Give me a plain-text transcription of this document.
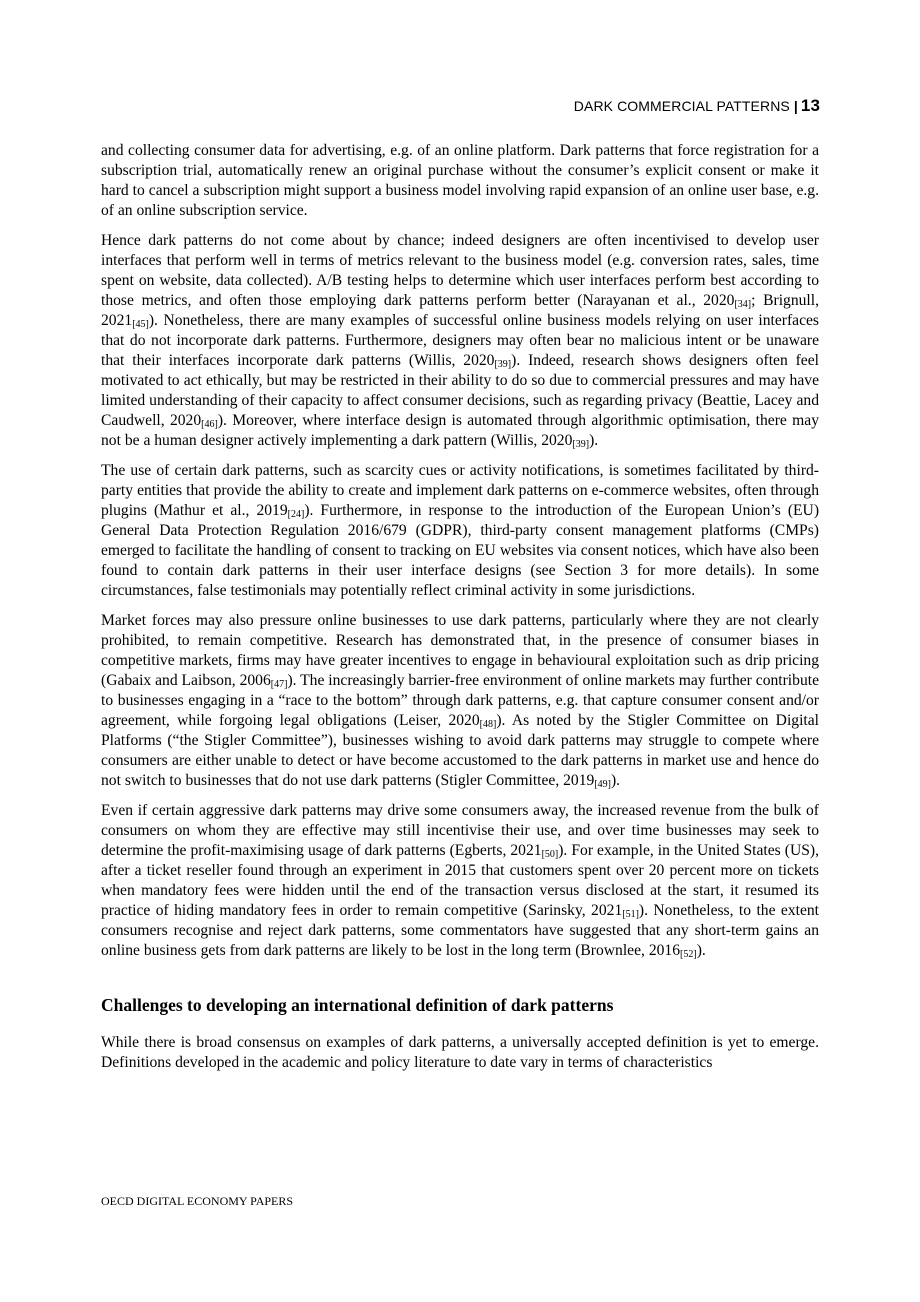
DARK COMMERCIAL PATTERNS | 13

and collecting consumer data for advertising, e.g. of an online platform. Dark patterns that force registration for a subscription trial, automatically renew an original purchase without the consumer’s explicit consent or make it hard to cancel a subscription might support a business model involving rapid expansion of an online user base, e.g. of an online subscription service.

Hence dark patterns do not come about by chance; indeed designers are often incentivised to develop user interfaces that perform well in terms of metrics relevant to the business model (e.g. conversion rates, sales, time spent on website, data collected). A/B testing helps to determine which user interfaces perform best according to those metrics, and often those employing dark patterns perform better (Narayanan et al., $2020_{[34]}$; Brignull, $2021_{[45]}$). Nonetheless, there are many examples of successful online business models relying on user interfaces that do not incorporate dark patterns. Furthermore, designers may often bear no malicious intent or be unaware that their interfaces incorporate dark patterns (Willis, $2020_{[39]}$). Indeed, research shows designers often feel motivated to act ethically, but may be restricted in their ability to do so due to commercial pressures and may have limited understanding of their capacity to affect consumer decisions, such as regarding privacy (Beattie, Lacey and Caudwell, $2020_{[46]}$). Moreover, where interface design is automated through algorithmic optimisation, there may not be a human designer actively implementing a dark pattern (Willis, $2020_{[39]}$).

The use of certain dark patterns, such as scarcity cues or activity notifications, is sometimes facilitated by third-party entities that provide the ability to create and implement dark patterns on e-commerce websites, often through plugins (Mathur et al., $2019_{[24]}$). Furthermore, in response to the introduction of the European Union’s (EU) General Data Protection Regulation 2016/679 (GDPR), third-party consent management platforms (CMPs) emerged to facilitate the handling of consent to tracking on EU websites via consent notices, which have also been found to contain dark patterns in their user interface designs (see Section 3 for more details). In some circumstances, false testimonials may potentially reflect criminal activity in some jurisdictions.

Market forces may also pressure online businesses to use dark patterns, particularly where they are not clearly prohibited, to remain competitive. Research has demonstrated that, in the presence of consumer biases in competitive markets, firms may have greater incentives to engage in behavioural exploitation such as drip pricing (Gabaix and Laibson, $2006_{[47]}$). The increasingly barrier-free environment of online markets may further contribute to businesses engaging in a “race to the bottom” through dark patterns, e.g. that capture consumer consent and/or agreement, while forgoing legal obligations (Leiser, $2020_{[48]}$). As noted by the Stigler Committee on Digital Platforms (“the Stigler Committee”), businesses wishing to avoid dark patterns may struggle to compete where consumers are either unable to detect or have become accustomed to the dark patterns in market use and hence do not switch to businesses that do not use dark patterns (Stigler Committee, $2019_{[49]}$).

Even if certain aggressive dark patterns may drive some consumers away, the increased revenue from the bulk of consumers on whom they are effective may still incentivise their use, and over time businesses may seek to determine the profit-maximising usage of dark patterns (Egberts, $2021_{[50]}$). For example, in the United States (US), after a ticket reseller found through an experiment in 2015 that customers spent over 20 percent more on tickets when mandatory fees were hidden until the end of the transaction versus disclosed at the start, it resumed its practice of hiding mandatory fees in order to remain competitive (Sarinsky, $2021_{[51]}$). Nonetheless, to the extent consumers recognise and reject dark patterns, some commentators have suggested that any short-term gains an online business gets from dark patterns are likely to be lost in the long term (Brownlee, $2016_{[52]}$).

Challenges to developing an international definition of dark patterns

While there is broad consensus on examples of dark patterns, a universally accepted definition is yet to emerge. Definitions developed in the academic and policy literature to date vary in terms of characteristics

OECD DIGITAL ECONOMY PAPERS
